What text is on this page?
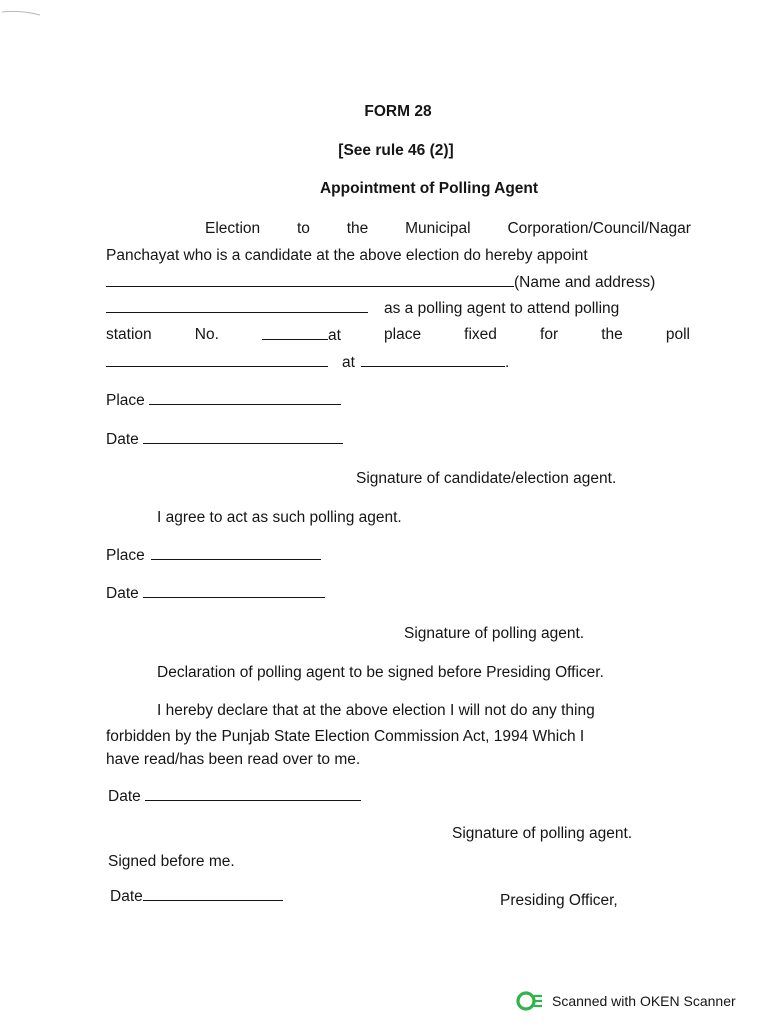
FORM 28
[See rule 46 (2)]
Appointment of Polling Agent
Election to the Municipal Corporation/Council/Nagar
Panchayat who is a candidate at the above election do hereby appoint
(Name and address)
as a polling agent to attend polling
station	No.	at	place	fixed	for	the	poll
at	.
Place
Date
Signature of candidate/election agent.
I agree to act as such polling agent.
Place
Date
Signature of polling agent.
Declaration of polling agent to be signed before Presiding Officer.
I hereby declare that at the above election I will not do any thing
forbidden by the Punjab State Election Commission Act, 1994 Which I
have read/has been read over to me.
Date
Signature of polling agent.
Signed before me.
Date	Presiding Officer,
Scanned with OKEN Scanner
